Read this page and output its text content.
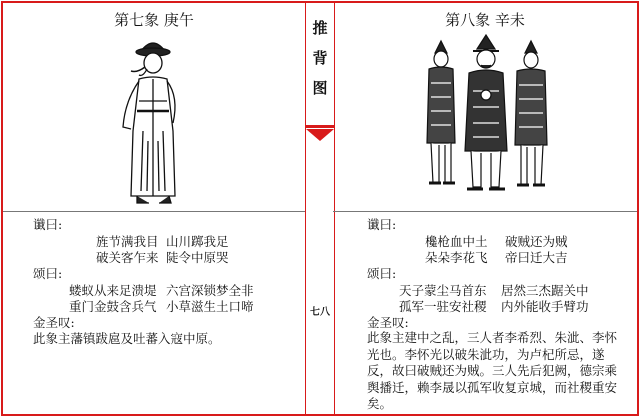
第七象 庚午
谶曰:
旌节满我目 山川踯我足
破关客乍来 陡令中原哭
颂曰:
蝼蚁从来足溃堤 六宫深锁梦全非
重门金鼓含兵气 小草滋生土口啼
金圣叹:
此象主藩镇跋扈及吐蕃入寇中原。
推
背
图
七八
第八象 辛未
谶曰:
欃枪血中土 破贼还为贼
朵朵李花飞 帝曰迁大吉
颂曰:
天子蒙尘马首东 居然三杰踞关中
孤军一驻安社稷 内外能收手臂功
金圣叹:
此象主建中之乱，三人者李希烈、朱泚、李怀光也。李怀光以破朱泚功，为卢杞所忌，遂反，故曰破贼还为贼。三人先后犯阙，德宗乘舆播迁，赖李晟以孤军收复京城，而社稷重安矣。
